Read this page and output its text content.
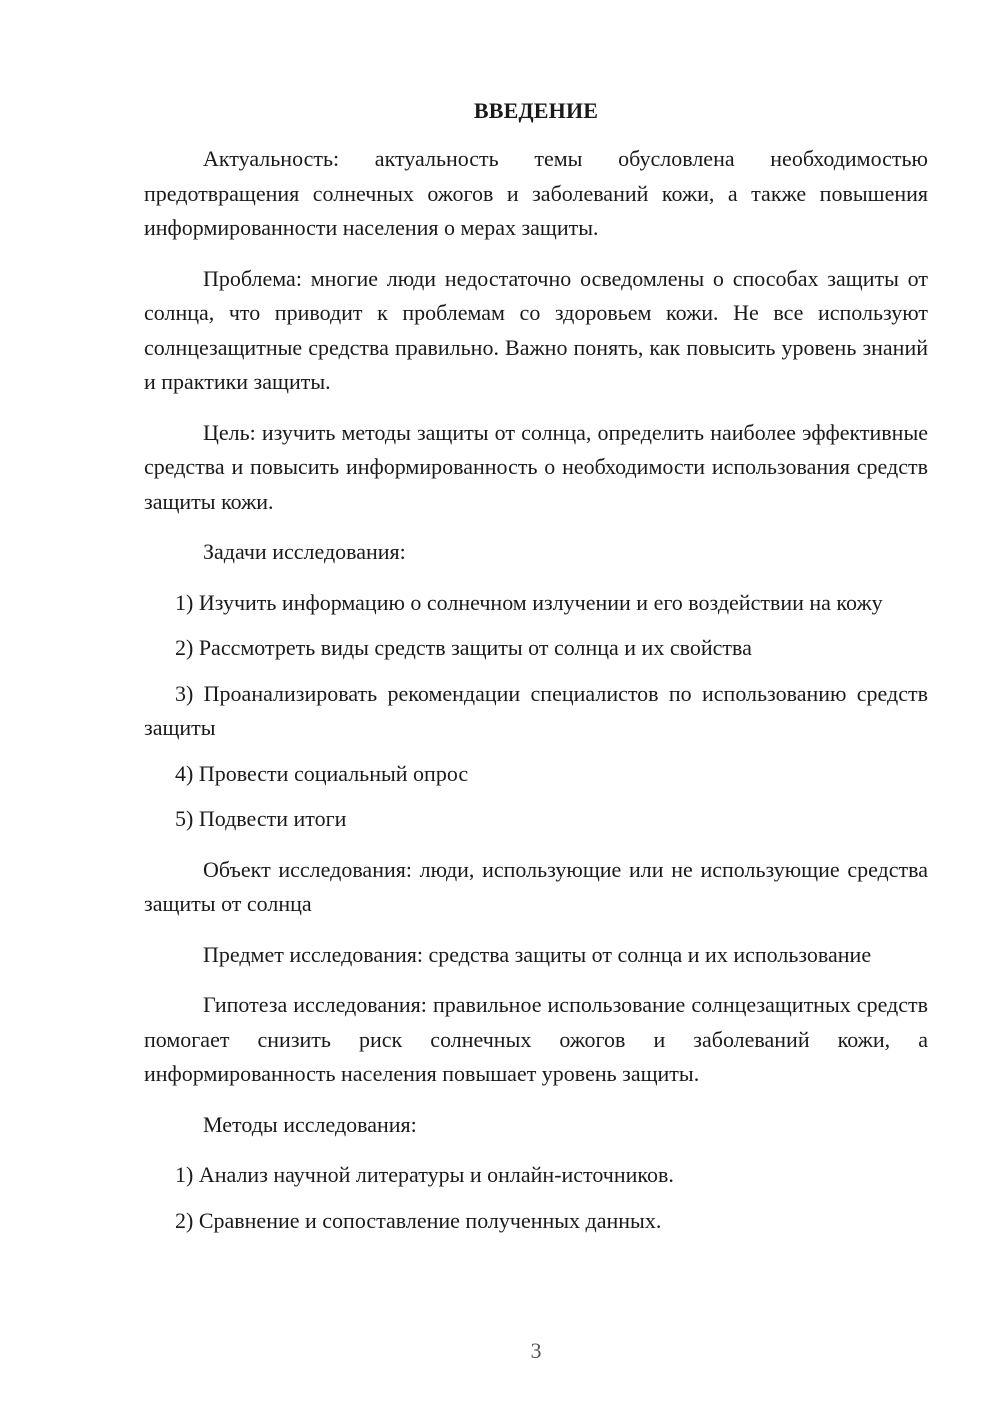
ВВЕДЕНИЕ

Актуальность: актуальность темы обусловлена необходимостью предотвращения солнечных ожогов и заболеваний кожи, а также повышения информированности населения о мерах защиты.

Проблема: многие люди недостаточно осведомлены о способах защиты от солнца, что приводит к проблемам со здоровьем кожи. Не все используют солнцезащитные средства правильно. Важно понять, как повысить уровень знаний и практики защиты.

Цель: изучить методы защиты от солнца, определить наиболее эффективные средства и повысить информированность о необходимости использования средств защиты кожи.

Задачи исследования:

1) Изучить информацию о солнечном излучении и его воздействии на кожу

2) Рассмотреть виды средств защиты от солнца и их свойства

3) Проанализировать рекомендации специалистов по использованию средств защиты

4) Провести социальный опрос

5) Подвести итоги

Объект исследования: люди, использующие или не использующие средства защиты от солнца

Предмет исследования: средства защиты от солнца и их использование

Гипотеза исследования: правильное использование солнцезащитных средств помогает снизить риск солнечных ожогов и заболеваний кожи, а информированность населения повышает уровень защиты.

Методы исследования:

1) Анализ научной литературы и онлайн-источников.

2) Сравнение и сопоставление полученных данных.

3
